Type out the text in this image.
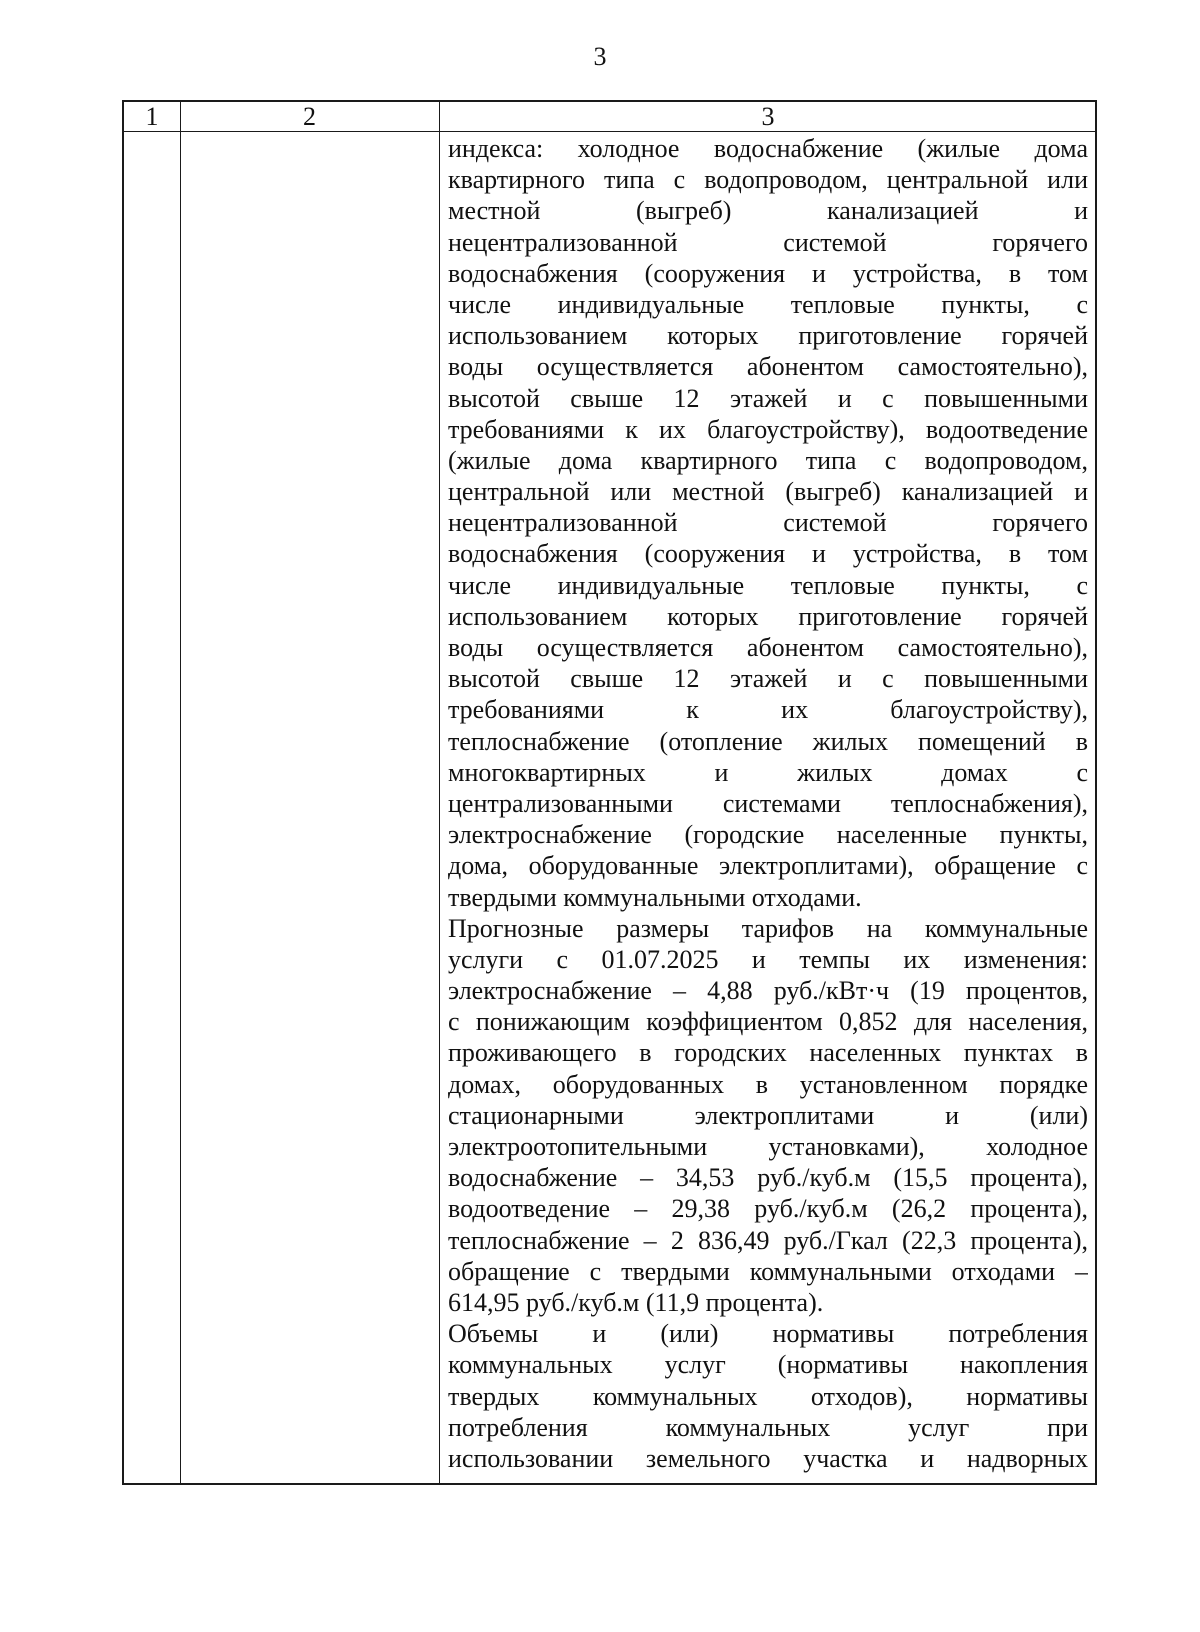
3
1	2	3
индекса: холодное водоснабжение (жилые дома
квартирного типа с водопроводом, центральной или
местной (выгреб) канализацией и
нецентрализованной системой горячего
водоснабжения (сооружения и устройства, в том
числе индивидуальные тепловые пункты, с
использованием которых приготовление горячей
воды осуществляется абонентом самостоятельно),
высотой свыше 12 этажей и с повышенными
требованиями к их благоустройству), водоотведение
(жилые дома квартирного типа с водопроводом,
центральной или местной (выгреб) канализацией и
нецентрализованной системой горячего
водоснабжения (сооружения и устройства, в том
числе индивидуальные тепловые пункты, с
использованием которых приготовление горячей
воды осуществляется абонентом самостоятельно),
высотой свыше 12 этажей и с повышенными
требованиями к их благоустройству),
теплоснабжение (отопление жилых помещений в
многоквартирных и жилых домах с
централизованными системами теплоснабжения),
электроснабжение (городские населенные пункты,
дома, оборудованные электроплитами), обращение с
твердыми коммунальными отходами.
Прогнозные размеры тарифов на коммунальные
услуги с 01.07.2025 и темпы их изменения:
электроснабжение – 4,88 руб./кВт·ч (19 процентов,
с понижающим коэффициентом 0,852 для населения,
проживающего в городских населенных пунктах в
домах, оборудованных в установленном порядке
стационарными электроплитами и (или)
электроотопительными установками), холодное
водоснабжение – 34,53 руб./куб.м (15,5 процента),
водоотведение – 29,38 руб./куб.м (26,2 процента),
теплоснабжение – 2 836,49 руб./Гкал (22,3 процента),
обращение с твердыми коммунальными отходами –
614,95 руб./куб.м (11,9 процента).
Объемы и (или) нормативы потребления
коммунальных услуг (нормативы накопления
твердых коммунальных отходов), нормативы
потребления коммунальных услуг при
использовании земельного участка и надворных
